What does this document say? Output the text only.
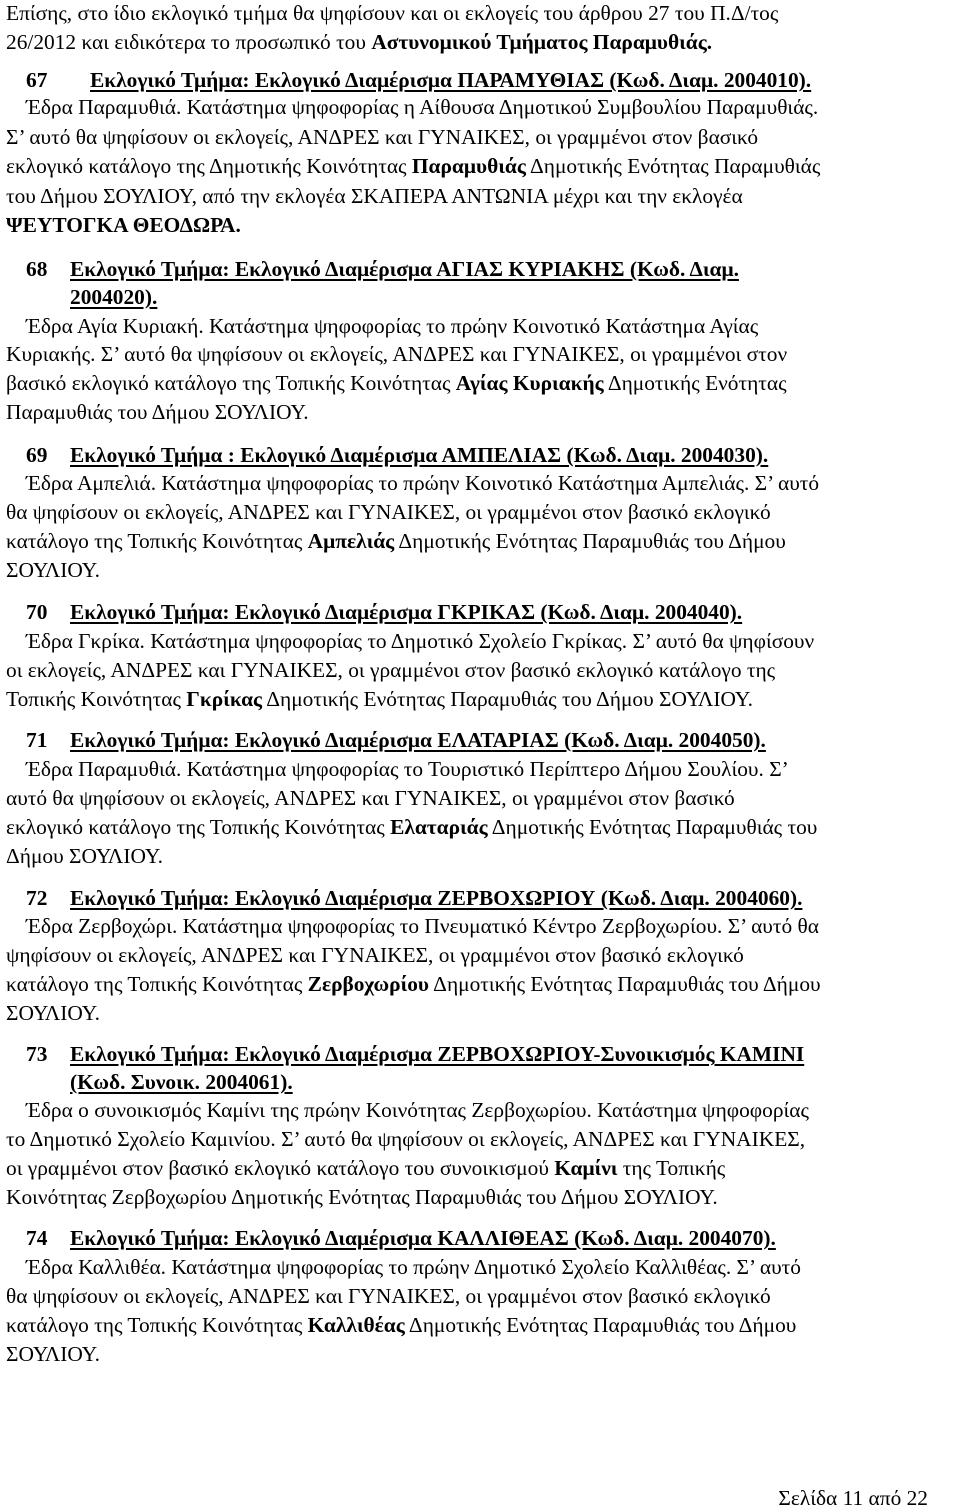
Επίσης, στο ίδιο εκλογικό τμήμα θα ψηφίσουν και οι εκλογείς του άρθρου 27 του Π.Δ/τος
26/2012 και ειδικότερα το προσωπικό του Αστυνομικού Τμήματος Παραμυθιάς.
67 Εκλογικό Τμήμα: Εκλογικό Διαμέρισμα ΠΑΡΑΜΥΘΙΑΣ (Κωδ. Διαμ. 2004010).
Έδρα Παραμυθιά. Κατάστημα ψηφοφορίας η Αίθουσα Δημοτικού Συμβουλίου Παραμυθιάς.
Σ’ αυτό θα ψηφίσουν οι εκλογείς, ΑΝΔΡΕΣ και ΓΥΝΑΙΚΕΣ, οι γραμμένοι στον βασικό
εκλογικό κατάλογο της Δημοτικής Κοινότητας Παραμυθιάς Δημοτικής Ενότητας Παραμυθιάς
του Δήμου ΣΟΥΛΙΟΥ, από την εκλογέα ΣΚΑΠΕΡΑ ΑΝΤΩΝΙΑ μέχρι και την εκλογέα
ΨΕΥΤΟΓΚΑ ΘΕΟΔΩΡΑ.
68 Εκλογικό Τμήμα: Εκλογικό Διαμέρισμα ΑΓΙΑΣ ΚΥΡΙΑΚΗΣ (Κωδ. Διαμ.
2004020).
Έδρα Αγία Κυριακή. Κατάστημα ψηφοφορίας το πρώην Κοινοτικό Κατάστημα Αγίας
Κυριακής. Σ’ αυτό θα ψηφίσουν οι εκλογείς, ΑΝΔΡΕΣ και ΓΥΝΑΙΚΕΣ, οι γραμμένοι στον
βασικό εκλογικό κατάλογο της Τοπικής Κοινότητας Αγίας Κυριακής Δημοτικής Ενότητας
Παραμυθιάς του Δήμου ΣΟΥΛΙΟΥ.
69 Εκλογικό Τμήμα : Εκλογικό Διαμέρισμα ΑΜΠΕΛΙΑΣ (Κωδ. Διαμ. 2004030).
Έδρα Αμπελιά. Κατάστημα ψηφοφορίας το πρώην Κοινοτικό Κατάστημα Αμπελιάς. Σ’ αυτό
θα ψηφίσουν οι εκλογείς, ΑΝΔΡΕΣ και ΓΥΝΑΙΚΕΣ, οι γραμμένοι στον βασικό εκλογικό
κατάλογο της Τοπικής Κοινότητας Αμπελιάς Δημοτικής Ενότητας Παραμυθιάς του Δήμου
ΣΟΥΛΙΟΥ.
70 Εκλογικό Τμήμα: Εκλογικό Διαμέρισμα ΓΚΡΙΚΑΣ (Κωδ. Διαμ. 2004040).
Έδρα Γκρίκα. Κατάστημα ψηφοφορίας το Δημοτικό Σχολείο Γκρίκας. Σ’ αυτό θα ψηφίσουν
οι εκλογείς, ΑΝΔΡΕΣ και ΓΥΝΑΙΚΕΣ, οι γραμμένοι στον βασικό εκλογικό κατάλογο της
Τοπικής Κοινότητας Γκρίκας Δημοτικής Ενότητας Παραμυθιάς του Δήμου ΣΟΥΛΙΟΥ.
71 Εκλογικό Τμήμα: Εκλογικό Διαμέρισμα ΕΛΑΤΑΡΙΑΣ (Κωδ. Διαμ. 2004050).
Έδρα Παραμυθιά. Κατάστημα ψηφοφορίας το Τουριστικό Περίπτερο Δήμου Σουλίου. Σ’
αυτό θα ψηφίσουν οι εκλογείς, ΑΝΔΡΕΣ και ΓΥΝΑΙΚΕΣ, οι γραμμένοι στον βασικό
εκλογικό κατάλογο της Τοπικής Κοινότητας Ελαταριάς Δημοτικής Ενότητας Παραμυθιάς του
Δήμου ΣΟΥΛΙΟΥ.
72 Εκλογικό Τμήμα: Εκλογικό Διαμέρισμα ΖΕΡΒΟΧΩΡΙΟΥ (Κωδ. Διαμ. 2004060).
Έδρα Ζερβοχώρι. Κατάστημα ψηφοφορίας το Πνευματικό Κέντρο Ζερβοχωρίου. Σ’ αυτό θα
ψηφίσουν οι εκλογείς, ΑΝΔΡΕΣ και ΓΥΝΑΙΚΕΣ, οι γραμμένοι στον βασικό εκλογικό
κατάλογο της Τοπικής Κοινότητας Ζερβοχωρίου Δημοτικής Ενότητας Παραμυθιάς του Δήμου
ΣΟΥΛΙΟΥ.
73 Εκλογικό Τμήμα: Εκλογικό Διαμέρισμα ΖΕΡΒΟΧΩΡΙΟΥ-Συνοικισμός ΚΑΜΙΝΙ
(Κωδ. Συνοικ. 2004061).
Έδρα ο συνοικισμός Καμίνι της πρώην Κοινότητας Ζερβοχωρίου. Κατάστημα ψηφοφορίας
το Δημοτικό Σχολείο Καμινίου. Σ’ αυτό θα ψηφίσουν οι εκλογείς, ΑΝΔΡΕΣ και ΓΥΝΑΙΚΕΣ,
οι γραμμένοι στον βασικό εκλογικό κατάλογο του συνοικισμού Καμίνι της Τοπικής
Κοινότητας Ζερβοχωρίου Δημοτικής Ενότητας Παραμυθιάς του Δήμου ΣΟΥΛΙΟΥ.
74 Εκλογικό Τμήμα: Εκλογικό Διαμέρισμα ΚΑΛΛΙΘΕΑΣ (Κωδ. Διαμ. 2004070).
Έδρα Καλλιθέα. Κατάστημα ψηφοφορίας το πρώην Δημοτικό Σχολείο Καλλιθέας. Σ’ αυτό
θα ψηφίσουν οι εκλογείς, ΑΝΔΡΕΣ και ΓΥΝΑΙΚΕΣ, οι γραμμένοι στον βασικό εκλογικό
κατάλογο της Τοπικής Κοινότητας Καλλιθέας Δημοτικής Ενότητας Παραμυθιάς του Δήμου
ΣΟΥΛΙΟΥ.
Σελίδα 11 από 22
